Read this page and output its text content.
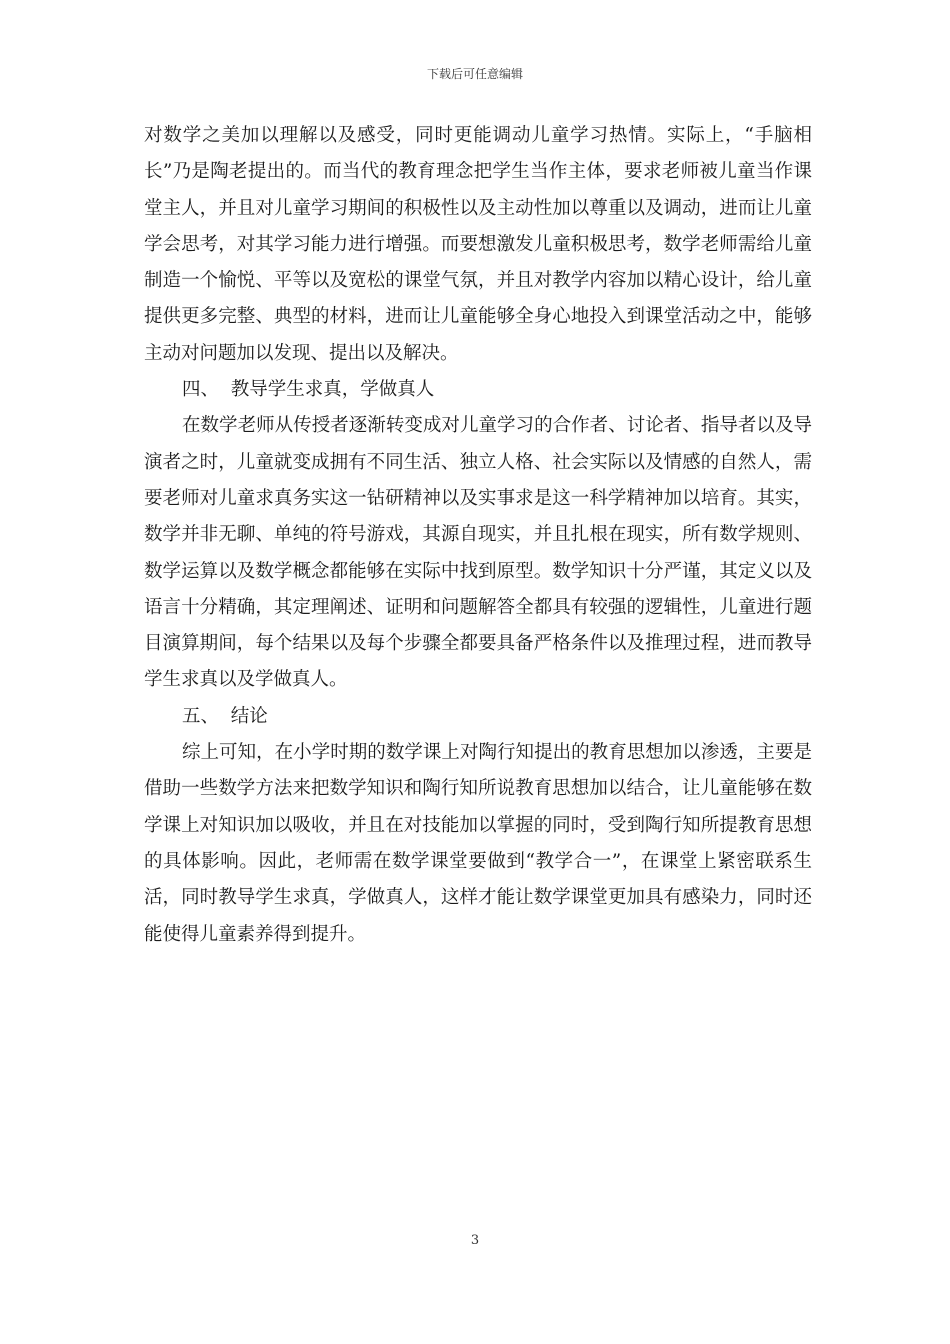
下载后可任意编辑

对数学之美加以理解以及感受，同时更能调动儿童学习热情。实际上，“手脑相长”乃是陶老提出的。而当代的教育理念把学生当作主体，要求老师被儿童当作课堂主人，并且对儿童学习期间的积极性以及主动性加以尊重以及调动，进而让儿童学会思考，对其学习能力进行增强。而要想激发儿童积极思考，数学老师需给儿童制造一个愉悦、平等以及宽松的课堂气氛，并且对教学内容加以精心设计，给儿童提供更多完整、典型的材料，进而让儿童能够全身心地投入到课堂活动之中，能够主动对问题加以发现、提出以及解决。

四、  教导学生求真，学做真人

在数学老师从传授者逐渐转变成对儿童学习的合作者、讨论者、指导者以及导演者之时，儿童就变成拥有不同生活、独立人格、社会实际以及情感的自然人，需要老师对儿童求真务实这一钻研精神以及实事求是这一科学精神加以培育。其实，数学并非无聊、单纯的符号游戏，其源自现实，并且扎根在现实，所有数学规则、数学运算以及数学概念都能够在实际中找到原型。数学知识十分严谨，其定义以及语言十分精确，其定理阐述、证明和问题解答全都具有较强的逻辑性，儿童进行题目演算期间，每个结果以及每个步骤全都要具备严格条件以及推理过程，进而教导学生求真以及学做真人。

五、  结论

综上可知，在小学时期的数学课上对陶行知提出的教育思想加以渗透，主要是借助一些数学方法来把数学知识和陶行知所说教育思想加以结合，让儿童能够在数学课上对知识加以吸收，并且在对技能加以掌握的同时，受到陶行知所提教育思想的具体影响。因此，老师需在数学课堂要做到“教学合一”，在课堂上紧密联系生活，同时教导学生求真，学做真人，这样才能让数学课堂更加具有感染力，同时还能使得儿童素养得到提升。

3
